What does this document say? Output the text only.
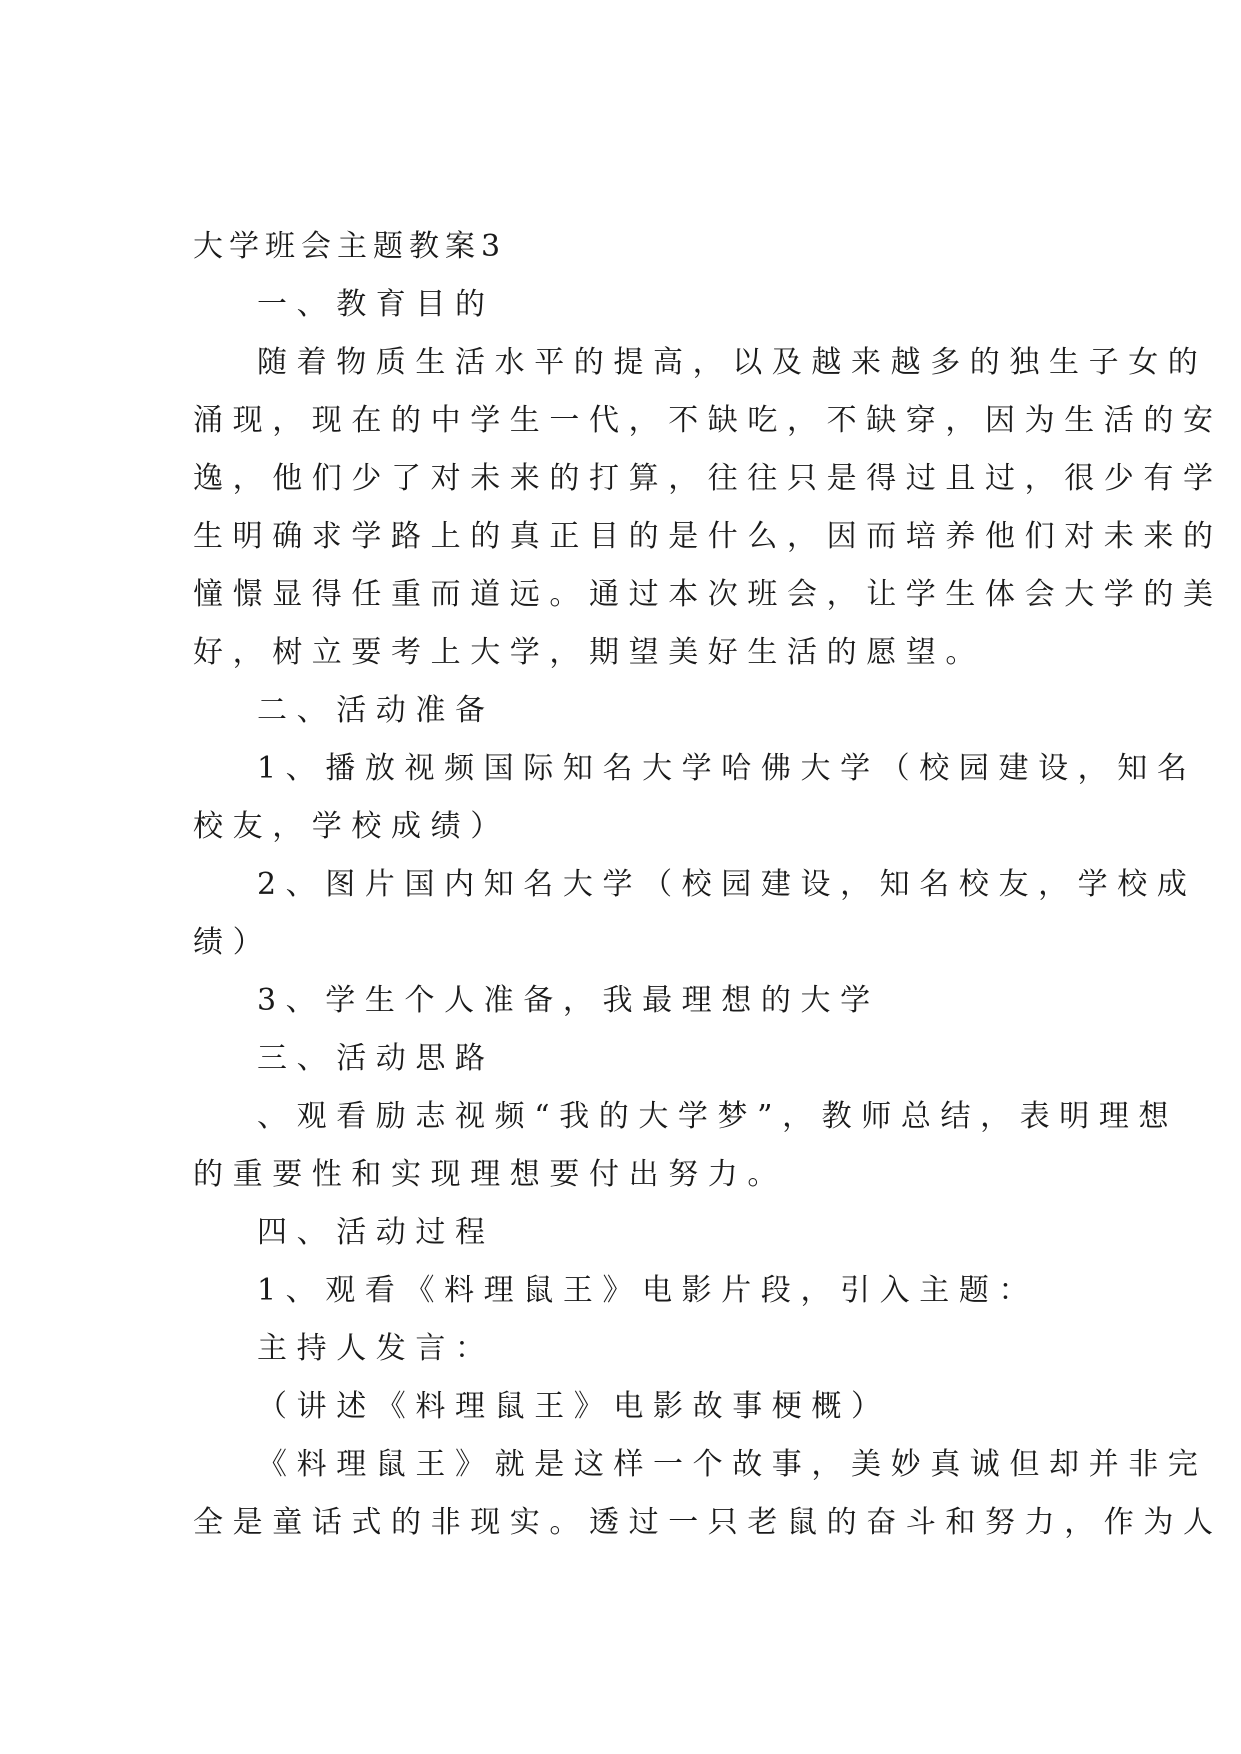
大学班会主题教案3
一、教育目的
随着物质生活水平的提高，以及越来越多的独生子女的
涌现，现在的中学生一代，不缺吃，不缺穿，因为生活的安
逸，他们少了对未来的打算，往往只是得过且过，很少有学
生明确求学路上的真正目的是什么，因而培养他们对未来的
憧憬显得任重而道远。通过本次班会，让学生体会大学的美
好，树立要考上大学，期望美好生活的愿望。
二、活动准备
1、播放视频国际知名大学哈佛大学（校园建设，知名
校友，学校成绩）
2、图片国内知名大学（校园建设，知名校友，学校成
绩）
3、学生个人准备，我最理想的大学
三、活动思路
、观看励志视频“我的大学梦”，教师总结，表明理想
的重要性和实现理想要付出努力。
四、活动过程
1、观看《料理鼠王》电影片段，引入主题：
主持人发言：
（讲述《料理鼠王》电影故事梗概）
《料理鼠王》就是这样一个故事，美妙真诚但却并非完
全是童话式的非现实。透过一只老鼠的奋斗和努力，作为人
